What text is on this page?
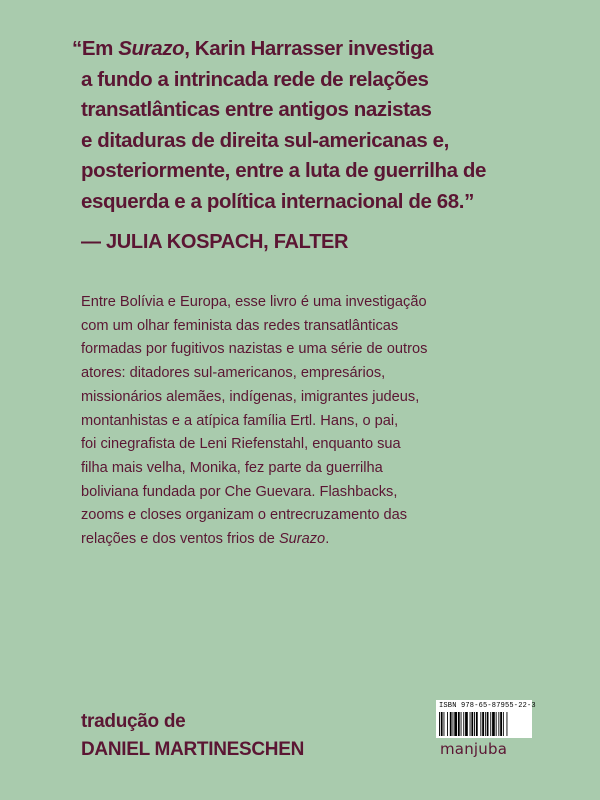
“Em Surazo, Karin Harrasser investiga
a fundo a intrincada rede de relações
transatlânticas entre antigos nazistas
e ditaduras de direita sul-americanas e,
posteriormente, entre a luta de guerrilha de
esquerda e a política internacional de 68.”
— JULIA KOSPACH, FALTER
Entre Bolívia e Europa, esse livro é uma investigação
com um olhar feminista das redes transatlânticas
formadas por fugitivos nazistas e uma série de outros
atores: ditadores sul-americanos, empresários,
missionários alemães, indígenas, imigrantes judeus,
montanhistas e a atípica família Ertl. Hans, o pai,
foi cinegrafista de Leni Riefenstahl, enquanto sua
filha mais velha, Monika, fez parte da guerrilha
boliviana fundada por Che Guevara. Flashbacks,
zooms e closes organizam o entrecruzamento das
relações e dos ventos frios de Surazo.
tradução de
DANIEL MARTINESCHEN
ISBN 978-65-87955-22-3
manjuba
